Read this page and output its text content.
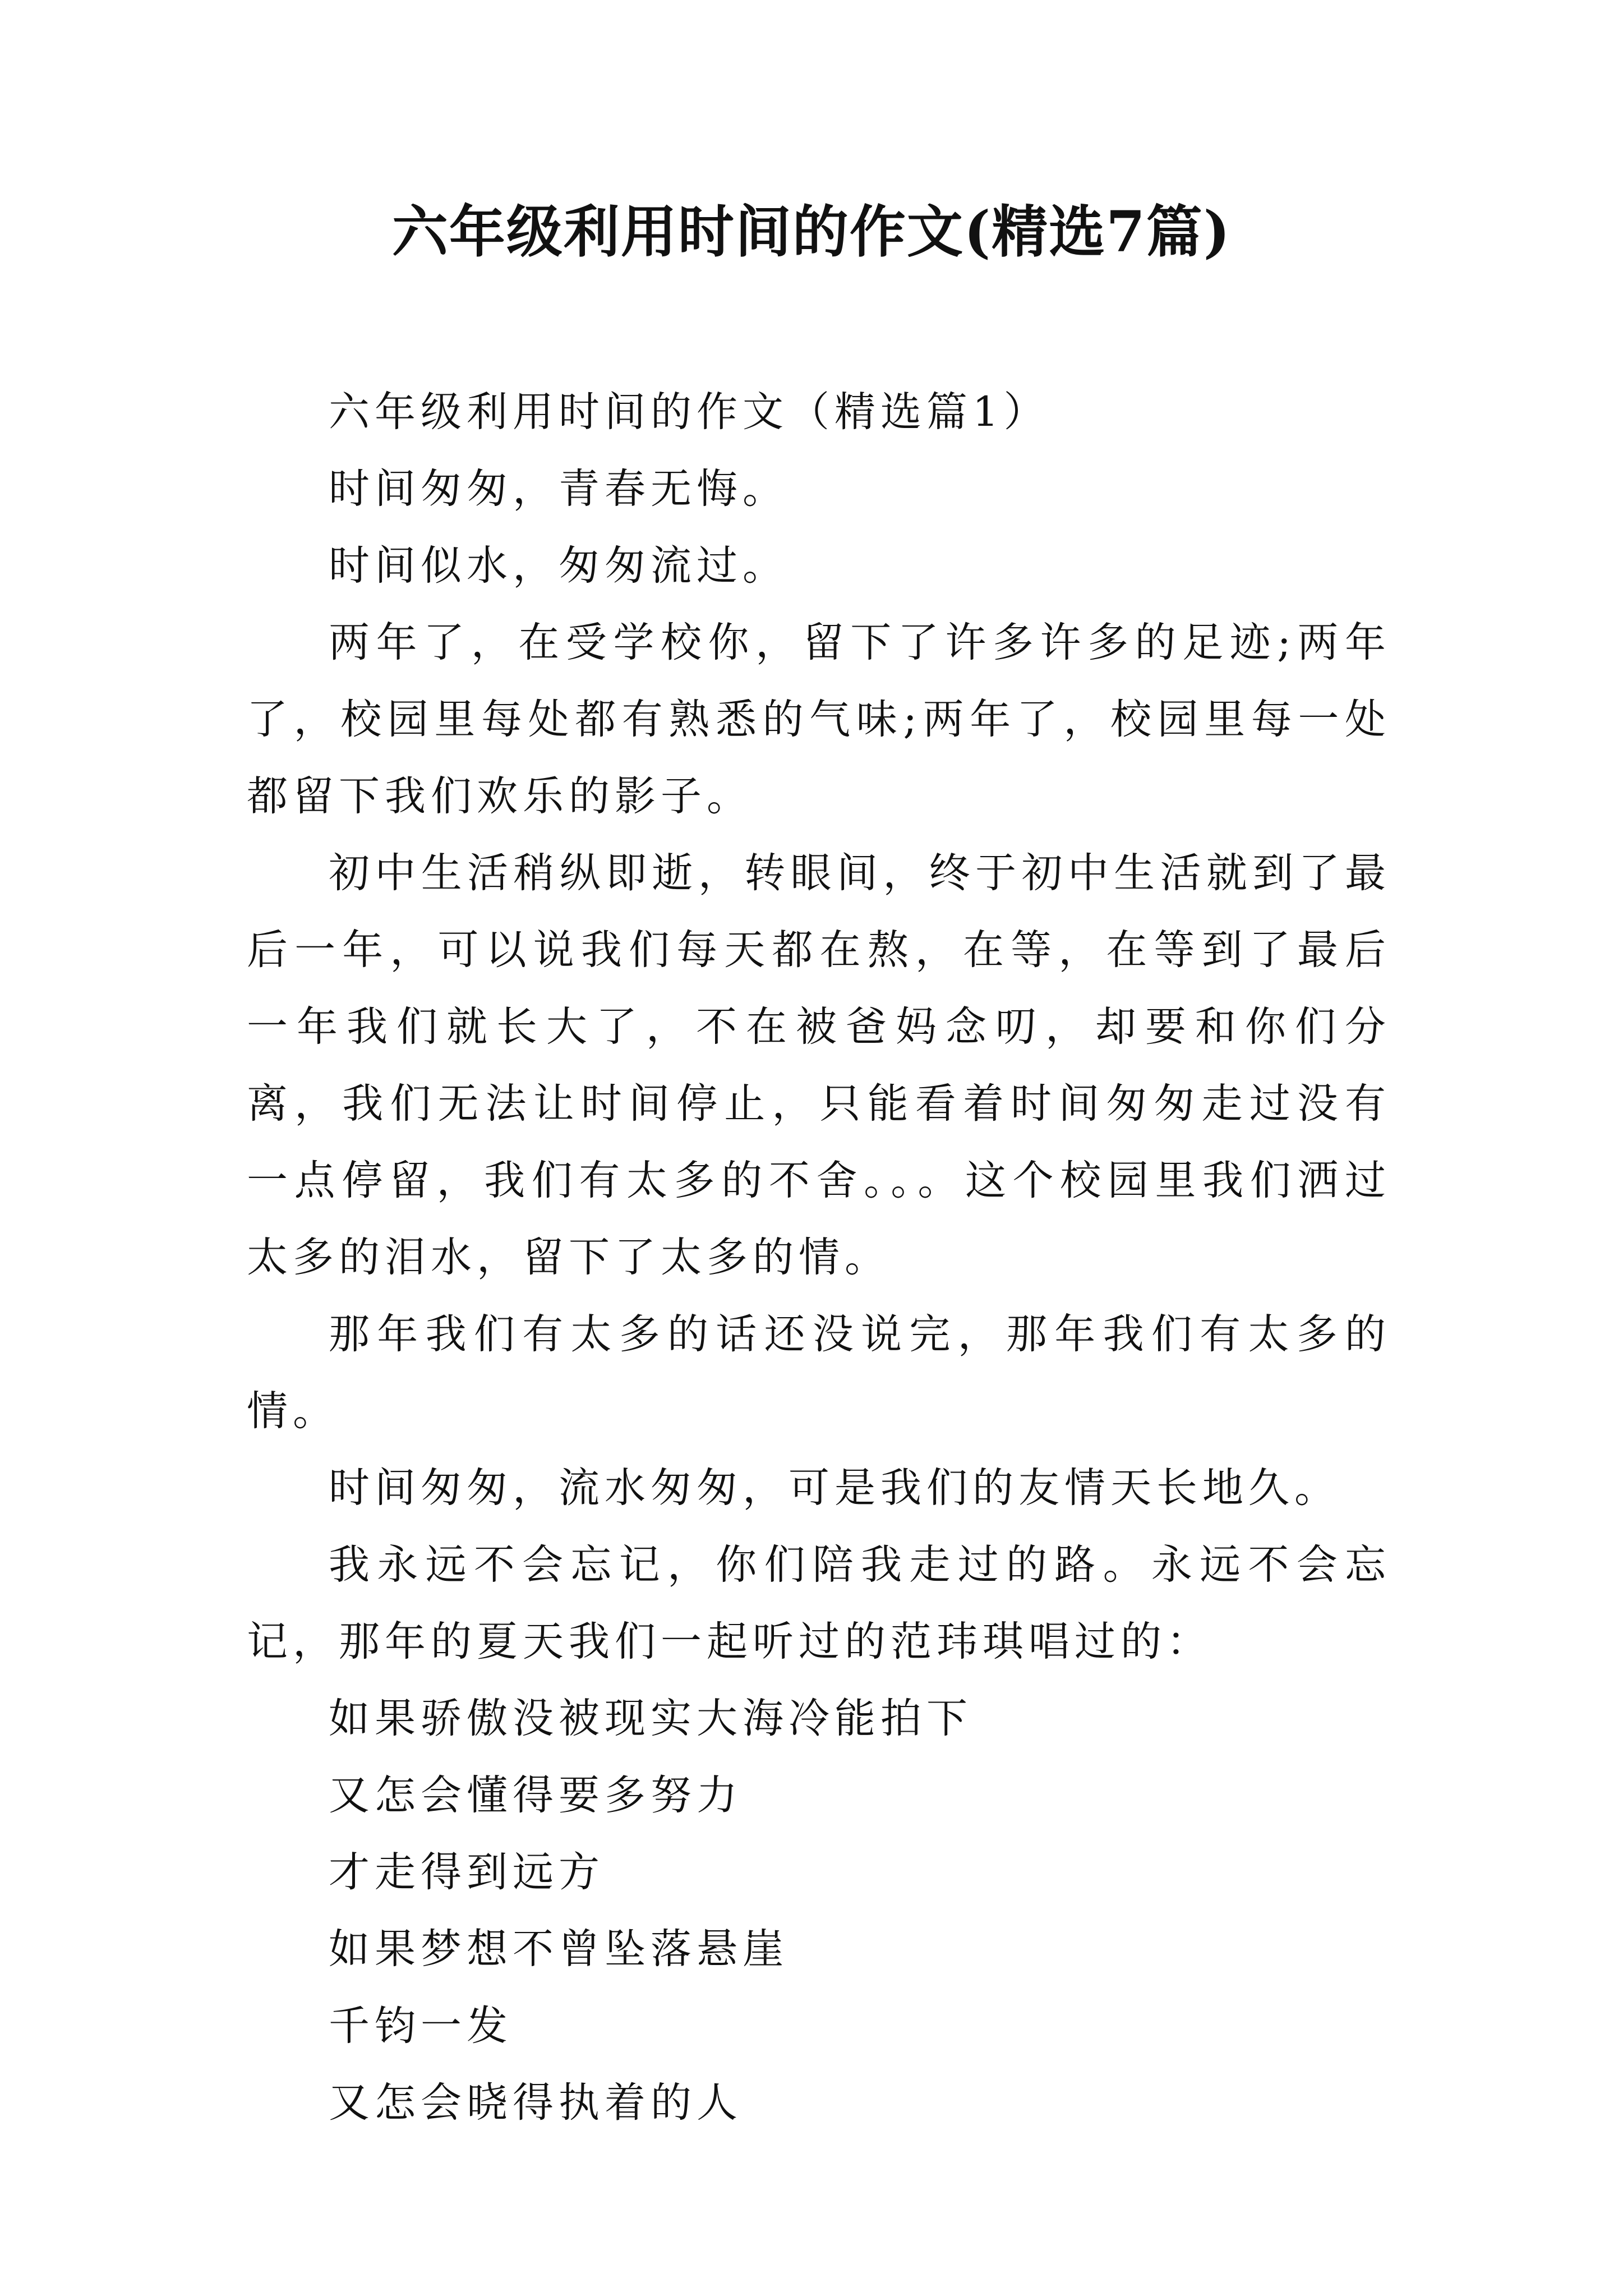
六年级利用时间的作文(精选7篇)

六年级利用时间的作文（精选篇1）

时间匆匆，青春无悔。

时间似水，匆匆流过。

两年了，在受学校你，留下了许多许多的足迹;两年了，校园里每处都有熟悉的气味;两年了，校园里每一处都留下我们欢乐的影子。

初中生活稍纵即逝，转眼间，终于初中生活就到了最后一年，可以说我们每天都在熬，在等，在等到了最后一年我们就长大了，不在被爸妈念叨，却要和你们分离，我们无法让时间停止，只能看着时间匆匆走过没有一点停留，我们有太多的不舍。。。这个校园里我们洒过太多的泪水，留下了太多的情。

那年我们有太多的话还没说完，那年我们有太多的情。

时间匆匆，流水匆匆，可是我们的友情天长地久。

我永远不会忘记，你们陪我走过的路。永远不会忘记，那年的夏天我们一起听过的范玮琪唱过的：

如果骄傲没被现实大海冷能拍下

又怎会懂得要多努力

才走得到远方

如果梦想不曾坠落悬崖

千钧一发

又怎会晓得执着的人
